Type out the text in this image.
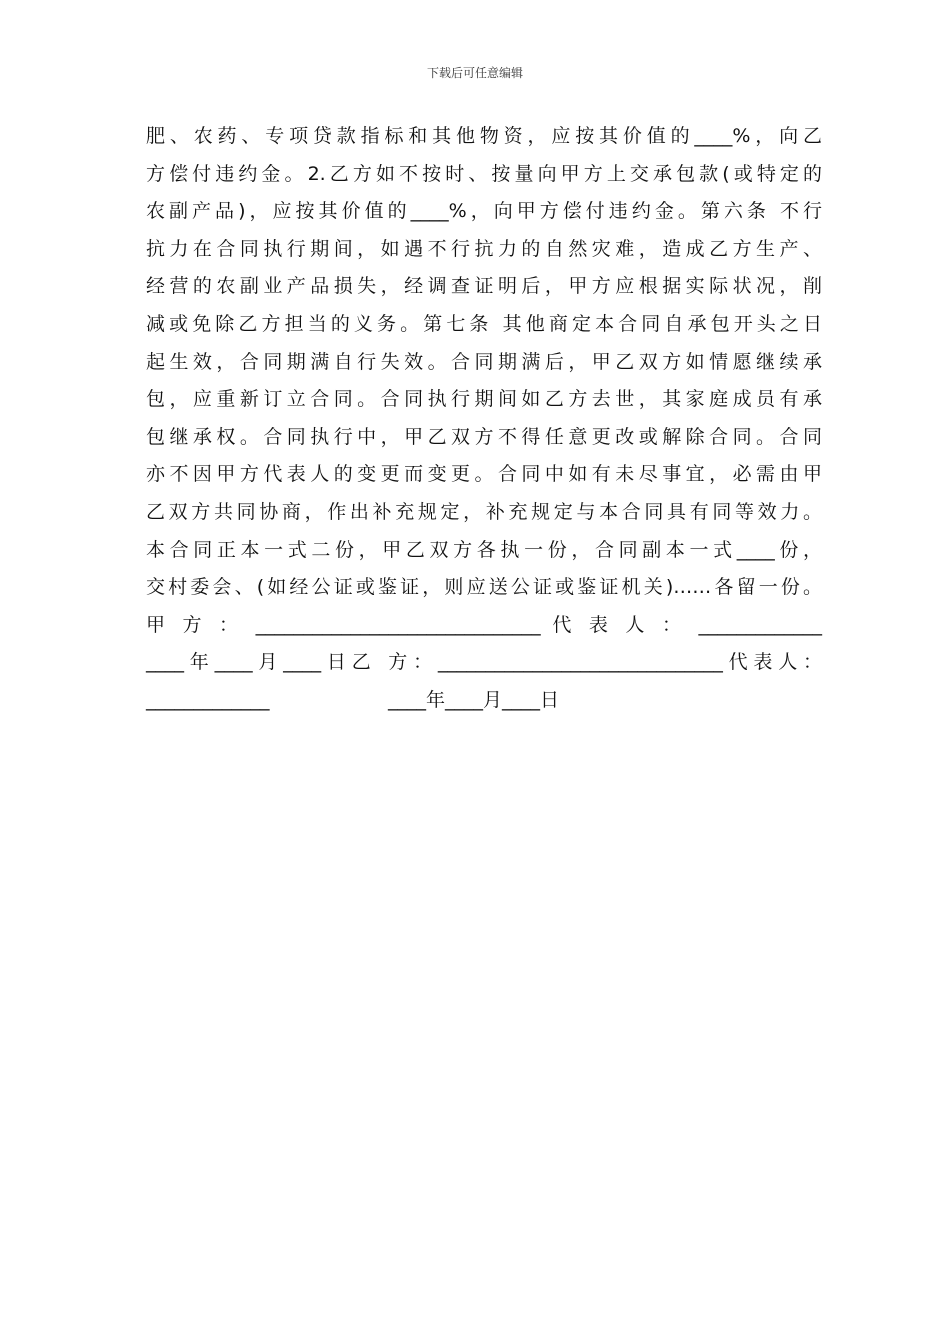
下载后可任意编辑
肥、农药、专项贷款指标和其他物资，应按其价值的____%，向乙
方偿付违约金。2.乙方如不按时、按量向甲方上交承包款(或特定的
农副产品)，应按其价值的____%，向甲方偿付违约金。第六条 不行
抗力在合同执行期间，如遇不行抗力的自然灾难，造成乙方生产、
经营的农副业产品损失，经调查证明后，甲方应根据实际状况，削
减或免除乙方担当的义务。第七条 其他商定本合同自承包开头之日
起生效，合同期满自行失效。合同期满后，甲乙双方如情愿继续承
包，应重新订立合同。合同执行期间如乙方去世，其家庭成员有承
包继承权。合同执行中，甲乙双方不得任意更改或解除合同。合同
亦不因甲方代表人的变更而变更。合同中如有未尽事宜，必需由甲
乙双方共同协商，作出补充规定，补充规定与本合同具有同等效力。
本合同正本一式二份，甲乙双方各执一份，合同副本一式____份，
交村委会、(如经公证或鉴证，则应送公证或鉴证机关)……各留一份。
甲 方 ： ______________________________ 代 表 人 ： _____________
____年____月____日乙 方：______________________________代表人：
_____________	____年____月____日
